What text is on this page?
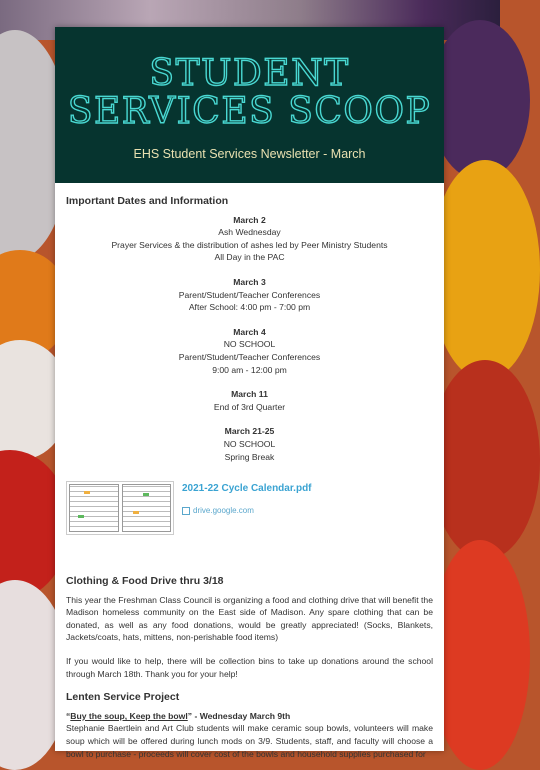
STUDENT
SERVICES SCOOP
EHS Student Services Newsletter - March
Important Dates and Information
March 2
Ash Wednesday
Prayer Services & the distribution of ashes led by Peer Ministry Students
All Day in the PAC
March 3
Parent/Student/Teacher Conferences
After School: 4:00 pm - 7:00 pm
March 4
NO SCHOOL
Parent/Student/Teacher Conferences
9:00 am - 12:00 pm
March 11
End of 3rd Quarter
March 21-25
NO SCHOOL
Spring Break
2021-22 Cycle Calendar.pdf
drive.google.com
Clothing & Food Drive thru 3/18

This year the Freshman Class Council is organizing a food and clothing drive that will benefit the Madison homeless community on the East side of Madison. Any spare clothing that can be donated, as well as any food donations, would be greatly appreciated! (Socks, Blankets, Jackets/coats, hats, mittens, non-perishable food items)

If you would like to help, there will be collection bins to take up donations around the school through March 18th. Thank you for your help!

Lenten Service Project
“Buy the soup, Keep the bowl” - Wednesday March 9th

Stephanie Baertlein and Art Club students will make ceramic soup bowls, volunteers will make soup which will be offered during lunch mods on 3/9. Students, staff, and faculty will choose a bowl to purchase - proceeds will cover cost of the bowls and household supplies purchased for
